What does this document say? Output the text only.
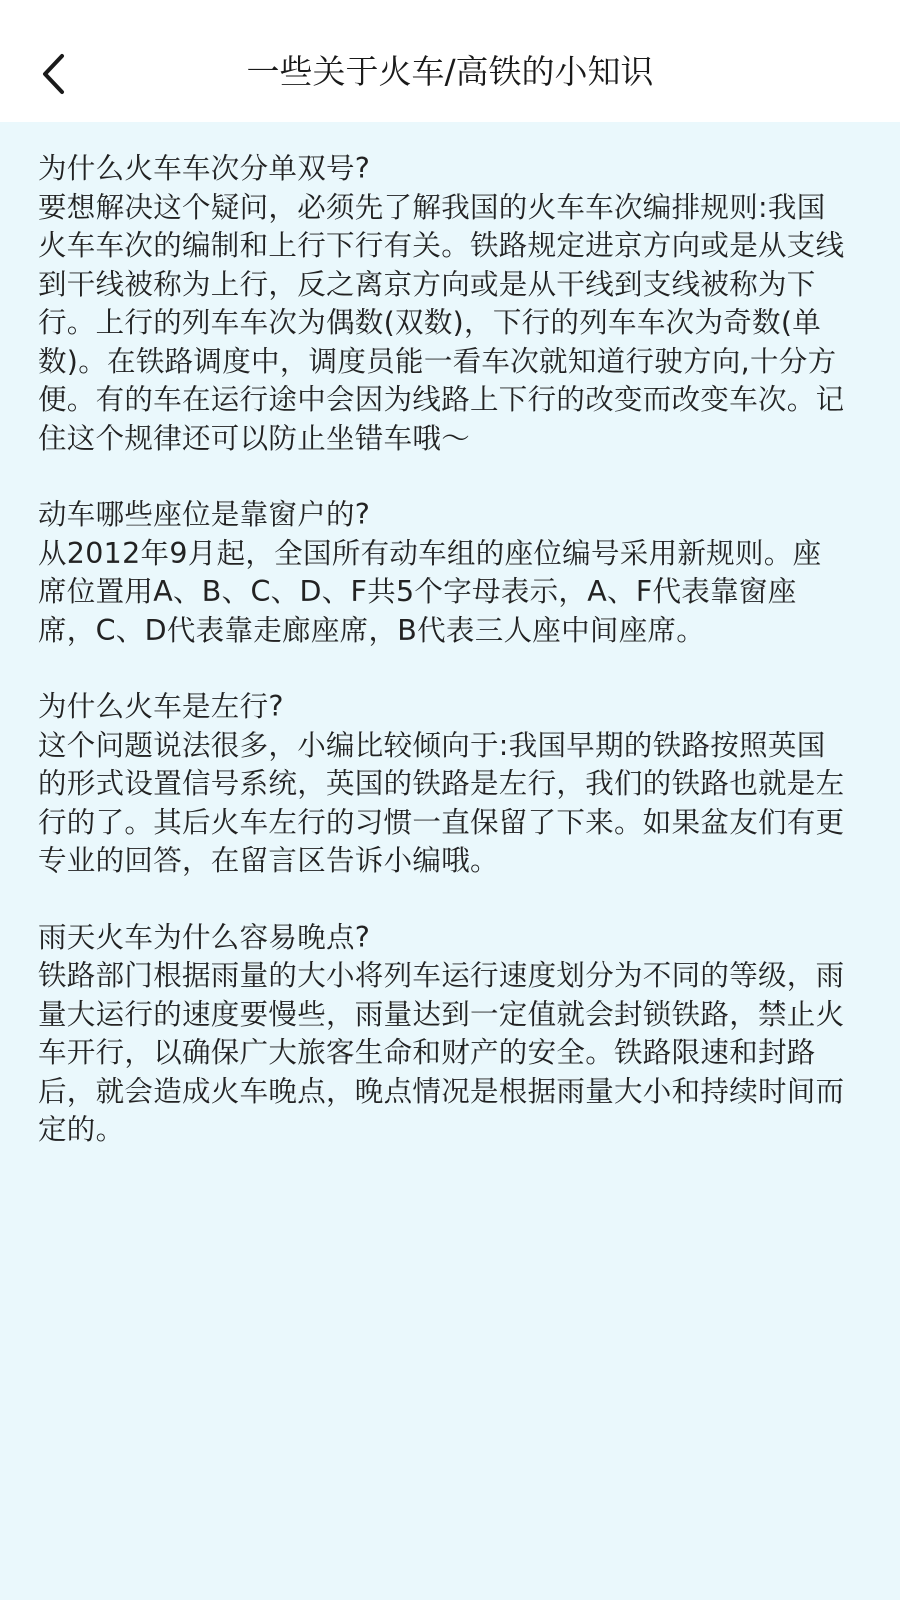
一些关于火车/高铁的小知识

为什么火车车次分单双号?

要想解决这个疑问，必须先了解我国的火车车次编排规则:我国火车车次的编制和上行下行有关。铁路规定进京方向或是从支线到干线被称为上行，反之离京方向或是从干线到支线被称为下行。上行的列车车次为偶数(双数)，下行的列车车次为奇数(单数)。在铁路调度中，调度员能一看车次就知道行驶方向,十分方便。有的车在运行途中会因为线路上下行的改变而改变车次。记住这个规律还可以防止坐错车哦～

动车哪些座位是靠窗户的?

从2012年9月起，全国所有动车组的座位编号采用新规则。座席位置用A、B、C、D、F共5个字母表示，A、F代表靠窗座席，C、D代表靠走廊座席，B代表三人座中间座席。

为什么火车是左行?

这个问题说法很多，小编比较倾向于:我国早期的铁路按照英国的形式设置信号系统，英国的铁路是左行，我们的铁路也就是左行的了。其后火车左行的习惯一直保留了下来。如果盆友们有更专业的回答，在留言区告诉小编哦。

雨天火车为什么容易晚点?

铁路部门根据雨量的大小将列车运行速度划分为不同的等级，雨量大运行的速度要慢些，雨量达到一定值就会封锁铁路，禁止火车开行，以确保广大旅客生命和财产的安全。铁路限速和封路后，就会造成火车晚点，晚点情况是根据雨量大小和持续时间而定的。
